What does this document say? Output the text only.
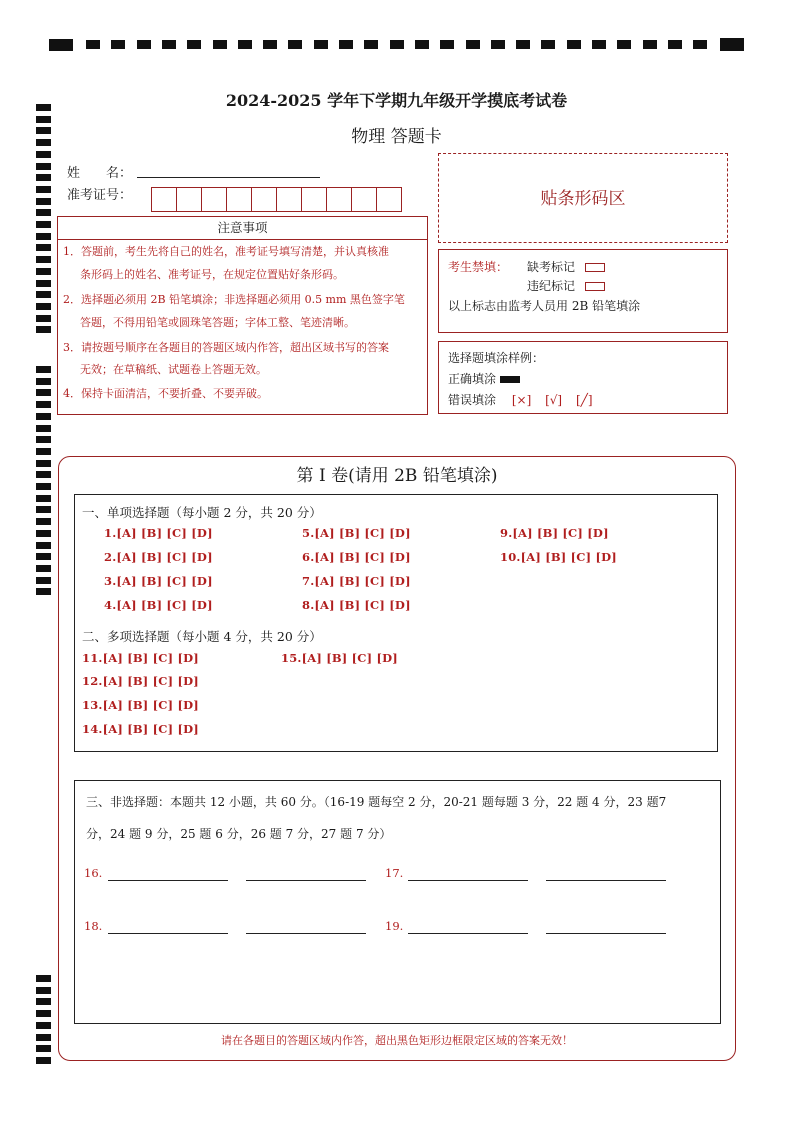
2024-2025 学年下学期九年级开学摸底考试卷
物理 答题卡
姓　　名：
准考证号：	贴条形码区
注意事项
1．答题前，考生先将自己的姓名，准考证号填写清楚，并认真核准
条形码上的姓名、准考证号，在规定位置贴好条形码。
2．选择题必须用 2B 铅笔填涂；非选择题必须用 0.5 mm 黑色签字笔
答题，不得用铅笔或圆珠笔答题；字体工整、笔迹清晰。
3．请按题号顺序在各题目的答题区域内作答，超出区域书写的答案
无效；在草稿纸、试题卷上答题无效。
4．保持卡面清洁，不要折叠、不要弄破。
考生禁填： 缺考标记
违纪标记
以上标志由监考人员用 2B 铅笔填涂
选择题填涂样例：
正确填涂
错误填涂 [×] [√] [╱]
第 I 卷(请用 2B 铅笔填涂)
一、单项选择题（每小题 2 分，共 20 分）
1.[A] [B] [C] [D]
2.[A] [B] [C] [D]
3.[A] [B] [C] [D]
4.[A] [B] [C] [D]
5.[A] [B] [C] [D]
6.[A] [B] [C] [D]
7.[A] [B] [C] [D]
8.[A] [B] [C] [D]
9.[A] [B] [C] [D]
10.[A] [B] [C] [D]
二、多项选择题（每小题 4 分，共 20 分）
11.[A] [B] [C] [D]
12.[A] [B] [C] [D]
13.[A] [B] [C] [D]
14.[A] [B] [C] [D]
15.[A] [B] [C] [D]
三、非选择题：本题共 12 小题，共 60 分。（16-19 题每空 2 分，20-21 题每题 3 分，22 题 4 分，23 题7
分，24 题 9 分，25 题 6 分，26 题 7 分，27 题 7 分）
16.	17.
18.	19.
请在各题目的答题区域内作答，超出黑色矩形边框限定区域的答案无效！
